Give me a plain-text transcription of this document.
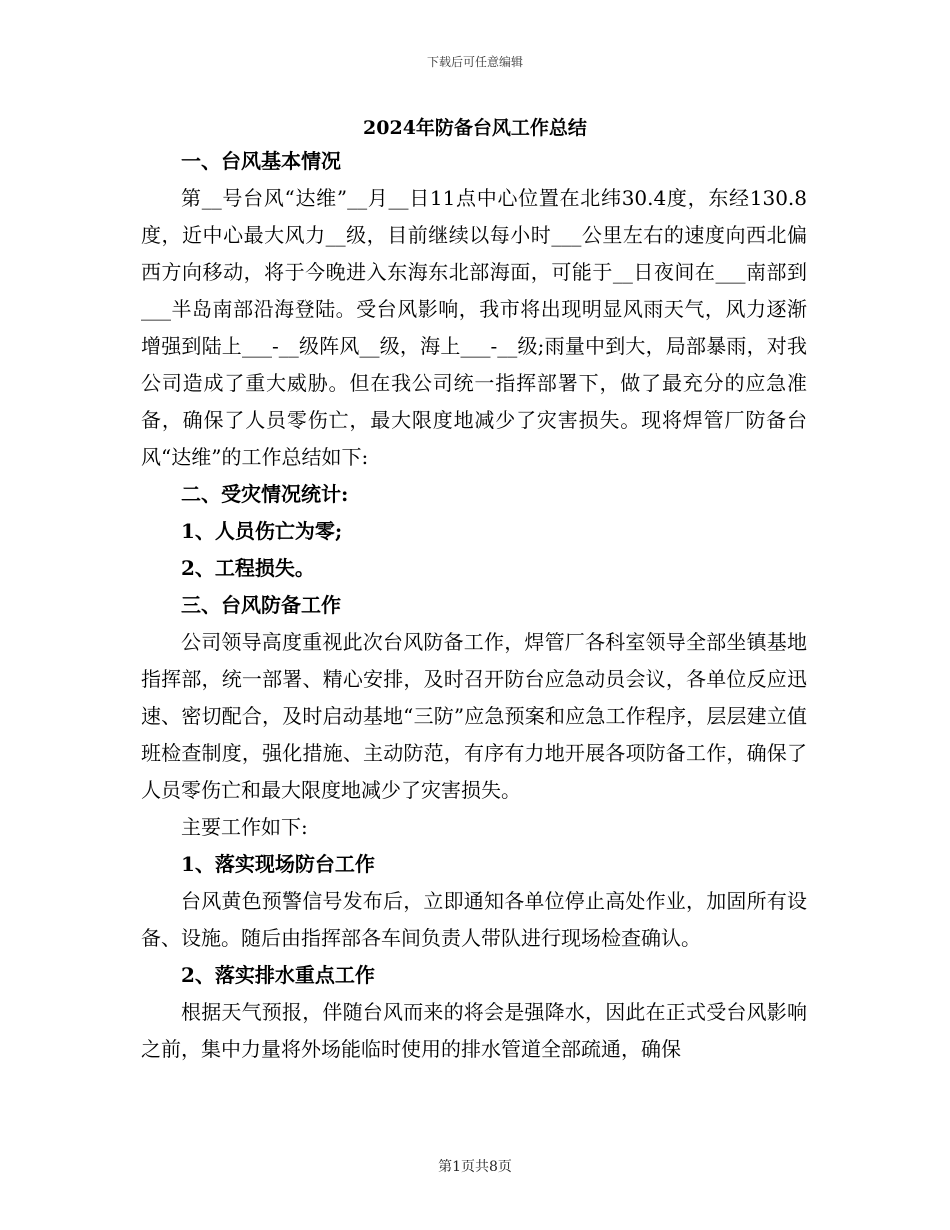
下载后可任意编辑
2024年防备台风工作总结

一、台风基本情况

第__号台风“达维”__月__日11点中心位置在北纬30.4度，东经130.8度，近中心最大风力__级，目前继续以每小时___公里左右的速度向西北偏西方向移动，将于今晚进入东海东北部海面，可能于__日夜间在___南部到___半岛南部沿海登陆。受台风影响，我市将出现明显风雨天气，风力逐渐增强到陆上___-__级阵风__级，海上___-__级;雨量中到大，局部暴雨，对我公司造成了重大威胁。但在我公司统一指挥部署下，做了最充分的应急准备，确保了人员零伤亡，最大限度地减少了灾害损失。现将焊管厂防备台风“达维”的工作总结如下:

二、受灾情况统计:

1、人员伤亡为零;

2、工程损失。

三、台风防备工作

公司领导高度重视此次台风防备工作，焊管厂各科室领导全部坐镇基地指挥部，统一部署、精心安排，及时召开防台应急动员会议，各单位反应迅速、密切配合，及时启动基地“三防”应急预案和应急工作程序，层层建立值班检查制度，强化措施、主动防范，有序有力地开展各项防备工作，确保了人员零伤亡和最大限度地减少了灾害损失。

主要工作如下:

1、落实现场防台工作

台风黄色预警信号发布后，立即通知各单位停止高处作业，加固所有设备、设施。随后由指挥部各车间负责人带队进行现场检查确认。

2、落实排水重点工作

根据天气预报，伴随台风而来的将会是强降水，因此在正式受台风影响之前，集中力量将外场能临时使用的排水管道全部疏通，确保

第1页共8页
